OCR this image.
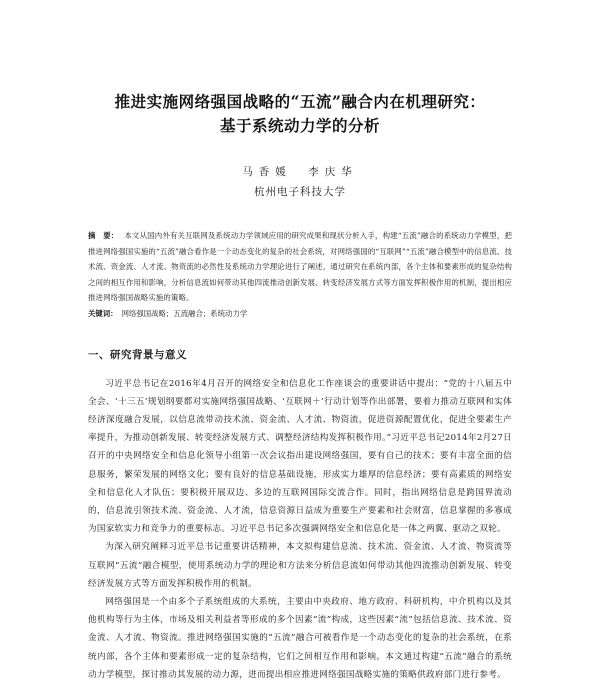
推进实施网络强国战略的“五流”融合内在机理研究：
基于系统动力学的分析
马香媛　李庆华
杭州电子科技大学
摘　要： 本文从国内外有关互联网及系统动力学领域应用的研究成果和现状分析入手，构建“五流”融合的系统动力学模型，把推进网络强国实施的“五流”融合看作是一个动态变化的复杂的社会系统，对网络强国的“互联网”“五流”融合模型中的信息流、技术流、资金流、人才流、物资流的必然性及系统动力学理论进行了阐述，通过研究在系统内部，各个主体和要素形成的复杂结构之间的相互作用和影响，分析信息流如何带动其他四流推动创新发展、转变经济发展方式等方面发挥积极作用的机制，提出相应推进网络强国战略实施的策略。
关键词： 网络强国战略；五流融合；系统动力学
一、研究背景与意义

习近平总书记在2016年4月召开的网络安全和信息化工作座谈会的重要讲话中提出：“党的十八届五中全会、‘十三五’规划纲要都对实施网络强国战略、‘互联网＋’行动计划等作出部署，要着力推动互联网和实体经济深度融合发展，以信息流带动技术流、资金流、人才流、物资流，促进资源配置优化，促进全要素生产率提升，为推动创新发展、转变经济发展方式、调整经济结构发挥积极作用。”习近平总书记2014年2月27日召开的中央网络安全和信息化领导小组第一次会议指出建设网络强国，要有自己的技术；要有丰富全面的信息服务，繁荣发展的网络文化；要有良好的信息基础设施，形成实力雄厚的信息经济；要有高素质的网络安全和信息化人才队伍；要积极开展双边、多边的互联网国际交流合作。同时，指出网络信息是跨国界流动的，信息流引领技术流、资金流、人才流，信息资源日益成为重要生产要素和社会财富，信息掌握的多寡成为国家软实力和竞争力的重要标志。习近平总书记多次强调网络安全和信息化是一体之两翼、驱动之双轮。

为深入研究阐释习近平总书记重要讲话精神，本文拟构建信息流、技术流、资金流、人才流、物资流等互联网“五流”融合模型，使用系统动力学的理论和方法来分析信息流如何带动其他四流推动创新发展、转变经济发展方式等方面发挥积极作用的机制。

网络强国是一个由多个子系统组成的大系统，主要由中央政府、地方政府、科研机构，中介机构以及其他机构等行为主体，市场及相关利益者等形成的多个因素“流”构成，这些因素“流”包括信息流、技术流、资金流、人才流、物资流。推进网络强国实施的“五流”融合可被看作是一个动态变化的复杂的社会系统，在系统内部，各个主体和要素形成一定的复杂结构，它们之间相互作用和影响。本文通过构建“五流”融合的系统动力学模型，探讨推动其发展的动力源，进而提出相应推进网络强国战略实施的策略供政府部门进行参考。
